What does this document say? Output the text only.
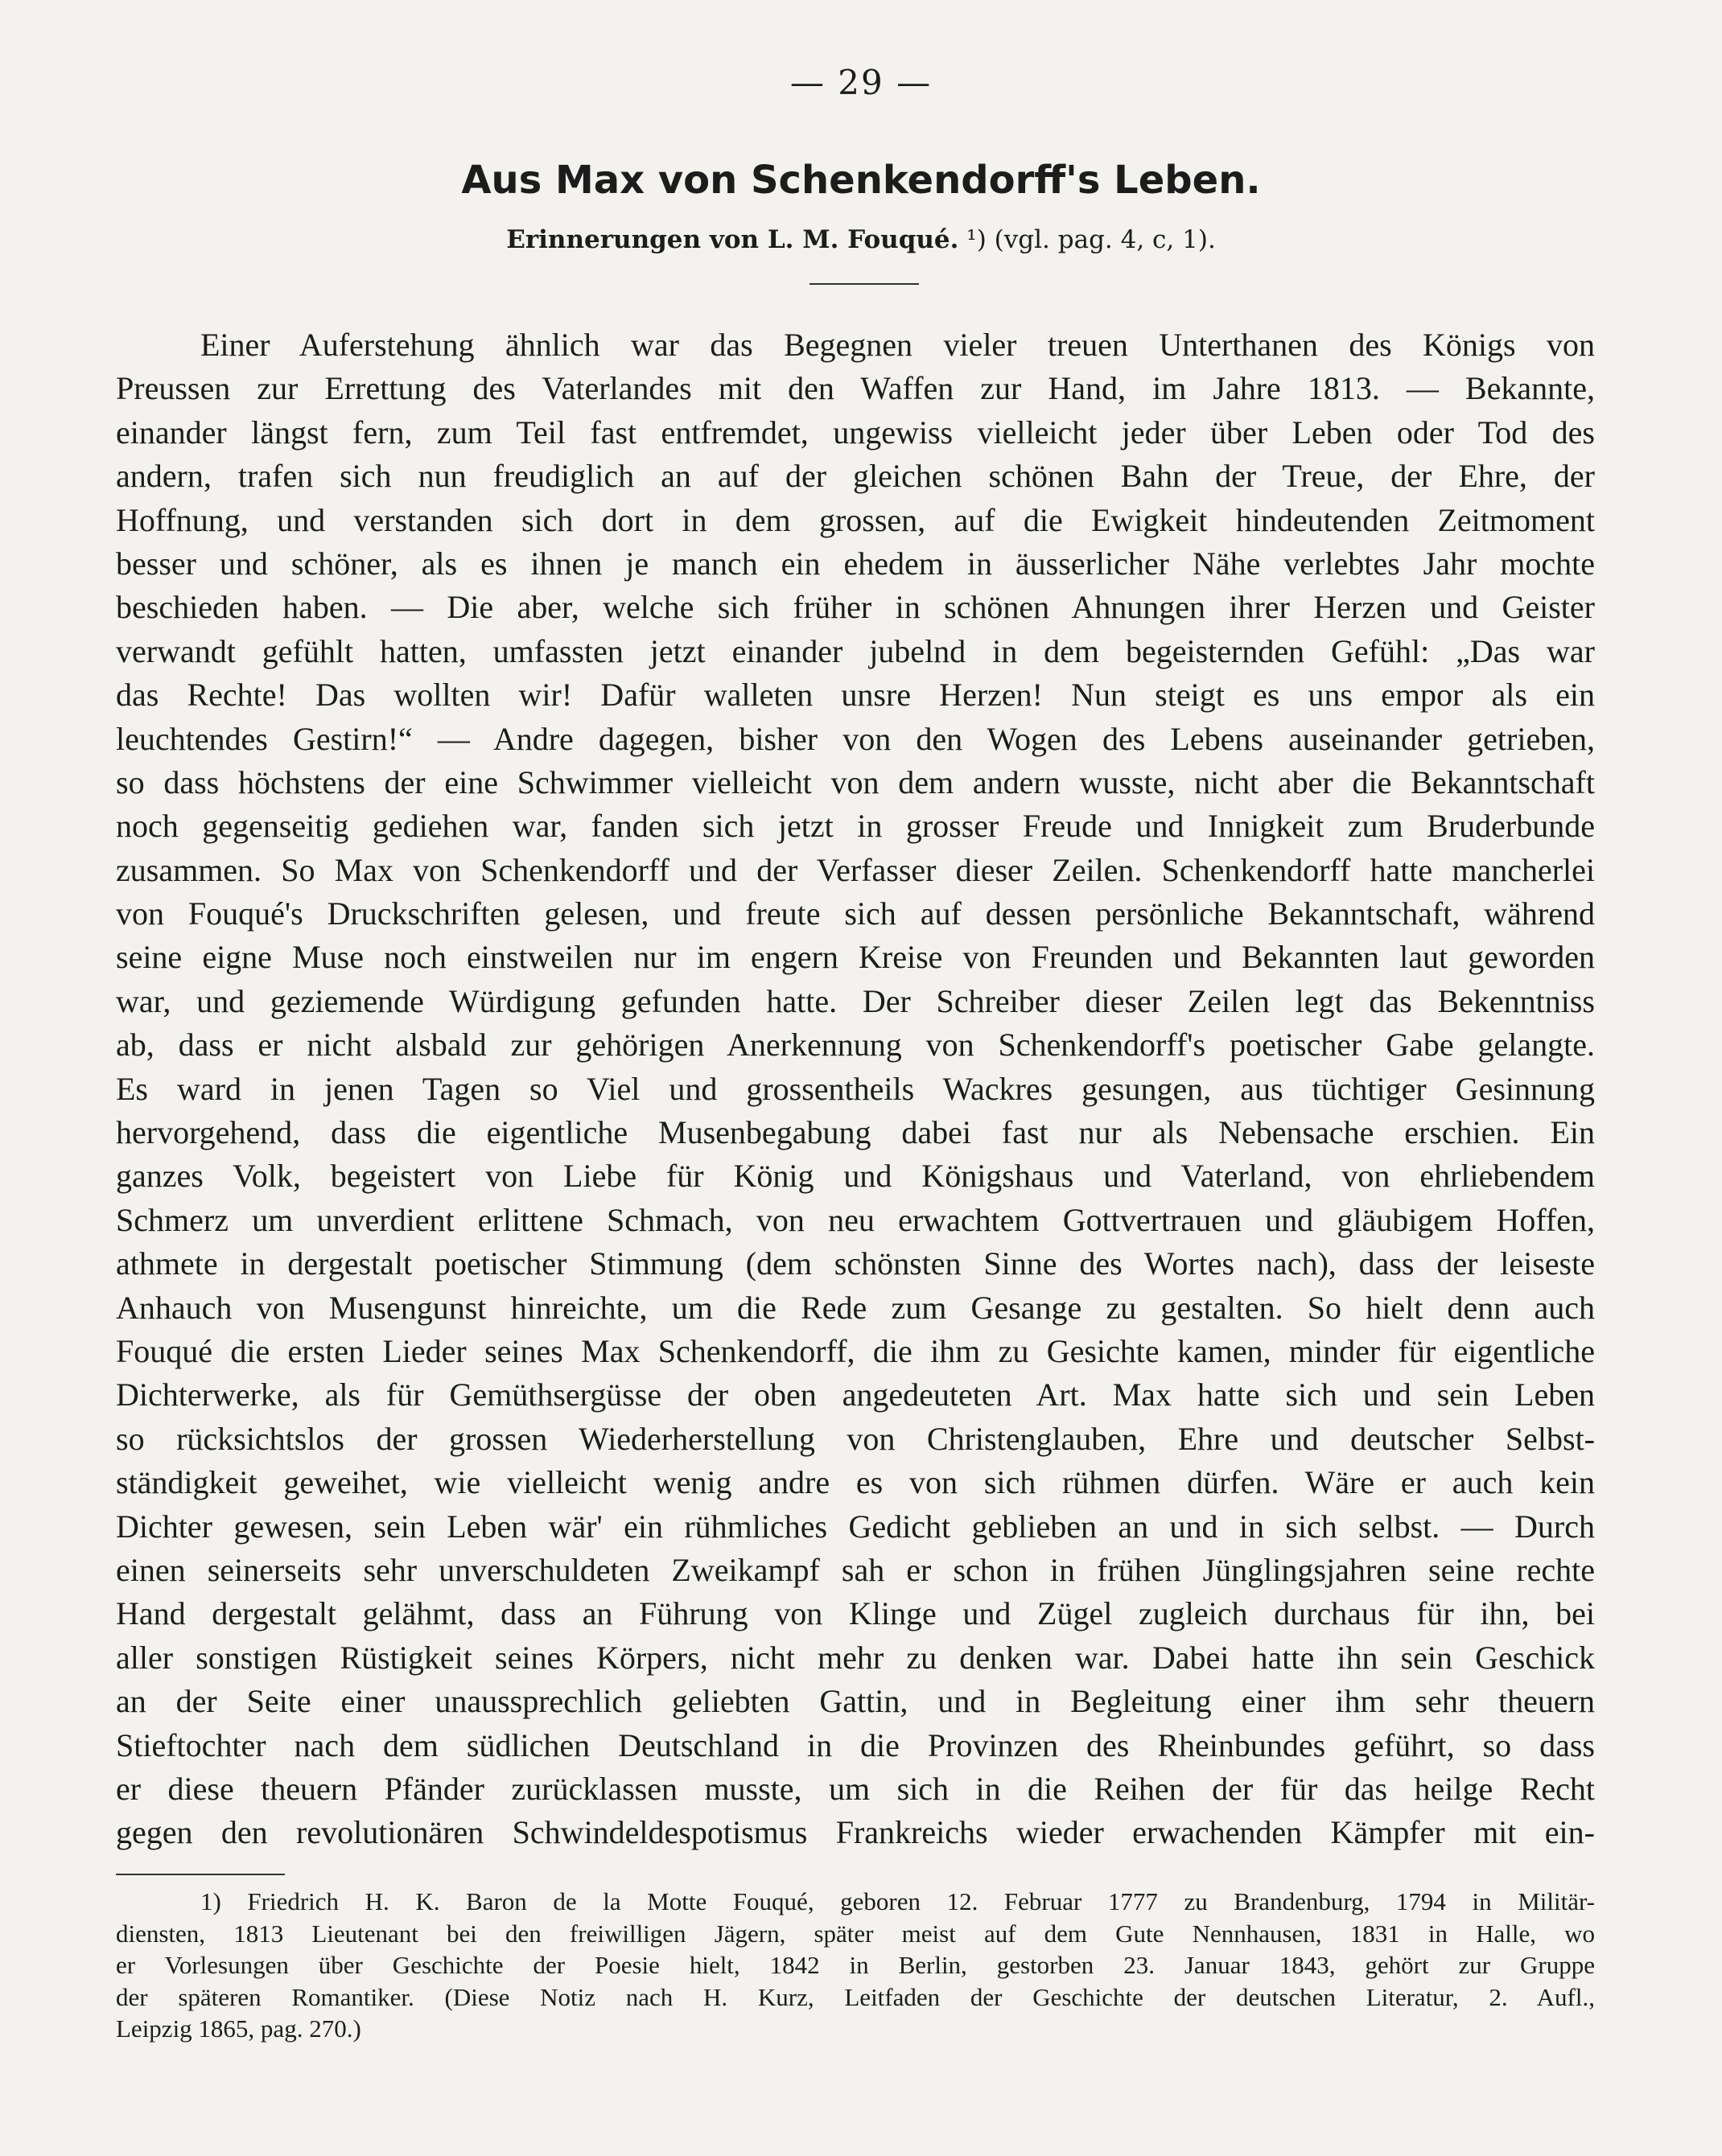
— 29 —
Aus Max von Schenkendorff's Leben.
Erinnerungen von L. M. Fouqué. ¹) (vgl. pag. 4, c, 1).
Einer Auferstehung ähnlich war das Begegnen vieler treuen Unterthanen des Königs von
Preussen zur Errettung des Vaterlandes mit den Waffen zur Hand, im Jahre 1813. — Bekannte,
einander längst fern, zum Teil fast entfremdet, ungewiss vielleicht jeder über Leben oder Tod des
andern, trafen sich nun freudiglich an auf der gleichen schönen Bahn der Treue, der Ehre, der
Hoffnung, und verstanden sich dort in dem grossen, auf die Ewigkeit hindeutenden Zeitmoment
besser und schöner, als es ihnen je manch ein ehedem in äusserlicher Nähe verlebtes Jahr mochte
beschieden haben. — Die aber, welche sich früher in schönen Ahnungen ihrer Herzen und Geister
verwandt gefühlt hatten, umfassten jetzt einander jubelnd in dem begeisternden Gefühl: „Das war
das Rechte! Das wollten wir! Dafür walleten unsre Herzen! Nun steigt es uns empor als ein
leuchtendes Gestirn!“ — Andre dagegen, bisher von den Wogen des Lebens auseinander getrieben,
so dass höchstens der eine Schwimmer vielleicht von dem andern wusste, nicht aber die Bekanntschaft
noch gegenseitig gediehen war, fanden sich jetzt in grosser Freude und Innigkeit zum Bruderbunde
zusammen. So Max von Schenkendorff und der Verfasser dieser Zeilen. Schenkendorff hatte mancherlei
von Fouqué's Druckschriften gelesen, und freute sich auf dessen persönliche Bekanntschaft, während
seine eigne Muse noch einstweilen nur im engern Kreise von Freunden und Bekannten laut geworden
war, und geziemende Würdigung gefunden hatte. Der Schreiber dieser Zeilen legt das Bekenntniss
ab, dass er nicht alsbald zur gehörigen Anerkennung von Schenkendorff's poetischer Gabe gelangte.
Es ward in jenen Tagen so Viel und grossentheils Wackres gesungen, aus tüchtiger Gesinnung
hervorgehend, dass die eigentliche Musenbegabung dabei fast nur als Nebensache erschien. Ein
ganzes Volk, begeistert von Liebe für König und Königshaus und Vaterland, von ehrliebendem
Schmerz um unverdient erlittene Schmach, von neu erwachtem Gottvertrauen und gläubigem Hoffen,
athmete in dergestalt poetischer Stimmung (dem schönsten Sinne des Wortes nach), dass der leiseste
Anhauch von Musengunst hinreichte, um die Rede zum Gesange zu gestalten. So hielt denn auch
Fouqué die ersten Lieder seines Max Schenkendorff, die ihm zu Gesichte kamen, minder für eigentliche
Dichterwerke, als für Gemüthsergüsse der oben angedeuteten Art. Max hatte sich und sein Leben
so rücksichtslos der grossen Wiederherstellung von Christenglauben, Ehre und deutscher Selbst-
ständigkeit geweihet, wie vielleicht wenig andre es von sich rühmen dürfen. Wäre er auch kein
Dichter gewesen, sein Leben wär' ein rühmliches Gedicht geblieben an und in sich selbst. — Durch
einen seinerseits sehr unverschuldeten Zweikampf sah er schon in frühen Jünglingsjahren seine rechte
Hand dergestalt gelähmt, dass an Führung von Klinge und Zügel zugleich durchaus für ihn, bei
aller sonstigen Rüstigkeit seines Körpers, nicht mehr zu denken war. Dabei hatte ihn sein Geschick
an der Seite einer unaussprechlich geliebten Gattin, und in Begleitung einer ihm sehr theuern
Stieftochter nach dem südlichen Deutschland in die Provinzen des Rheinbundes geführt, so dass
er diese theuern Pfänder zurücklassen musste, um sich in die Reihen der für das heilge Recht
gegen den revolutionären Schwindeldespotismus Frankreichs wieder erwachenden Kämpfer mit ein-
1) Friedrich H. K. Baron de la Motte Fouqué, geboren 12. Februar 1777 zu Brandenburg, 1794 in Militär-
diensten, 1813 Lieutenant bei den freiwilligen Jägern, später meist auf dem Gute Nennhausen, 1831 in Halle, wo
er Vorlesungen über Geschichte der Poesie hielt, 1842 in Berlin, gestorben 23. Januar 1843, gehört zur Gruppe
der späteren Romantiker. (Diese Notiz nach H. Kurz, Leitfaden der Geschichte der deutschen Literatur, 2. Aufl.,
Leipzig 1865, pag. 270.)
